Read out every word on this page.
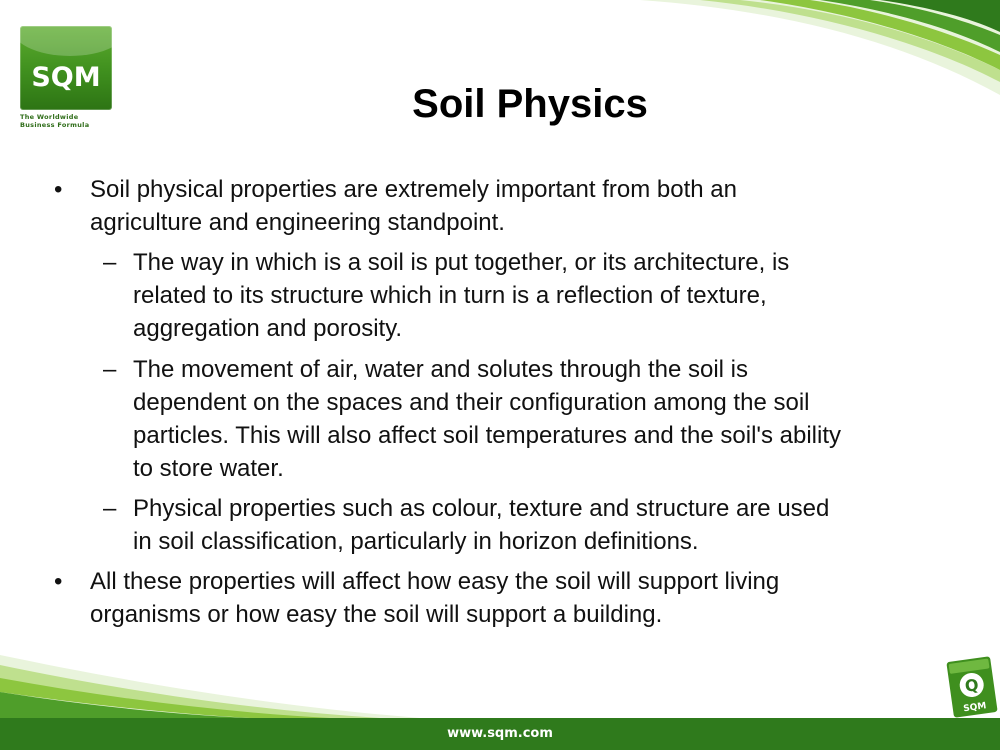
SQM
The Worldwide
Business Formula	Soil Physics
• Soil physical properties are extremely important from both an
agriculture and engineering standpoint.
– The way in which is a soil is put together, or its architecture, is
related to its structure which in turn is a reflection of texture,
aggregation and porosity.
– The movement of air, water and solutes through the soil is
dependent on the spaces and their configuration among the soil
particles. This will also affect soil temperatures and the soil's ability
to store water.
– Physical properties such as colour, texture and structure are used
in soil classification, particularly in horizon definitions.
• All these properties will affect how easy the soil will support living
organisms or how easy the soil will support a building.
Q
SQM
www.sqm.com
